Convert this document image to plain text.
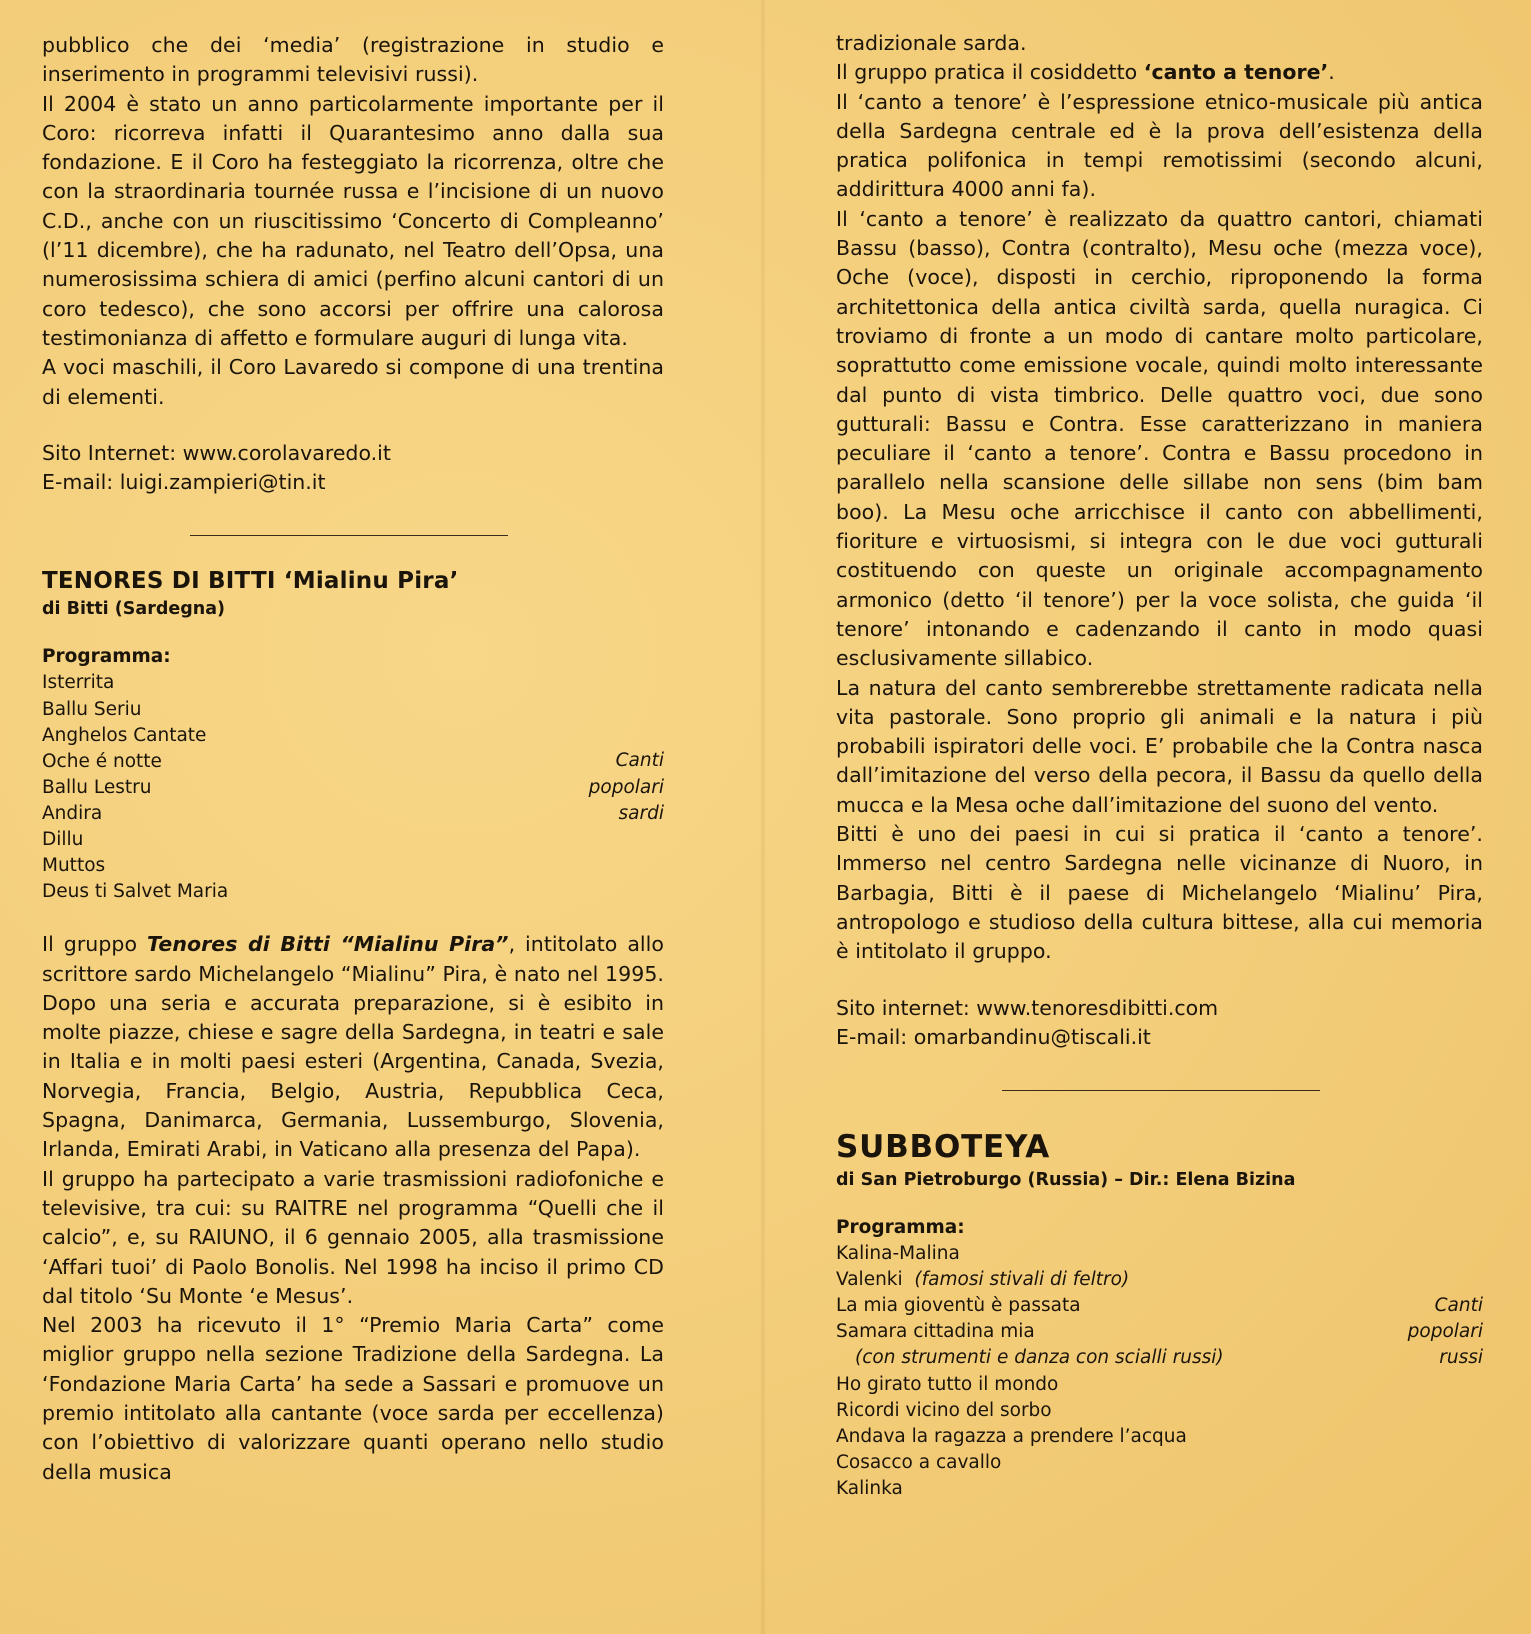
pubblico che dei ‘media’ (registrazione in studio e inserimento in programmi televisivi russi).

Il 2004 è stato un anno particolarmente importante per il Coro: ricorreva infatti il Quarantesimo anno dalla sua fondazione. E il Coro ha festeggiato la ricorrenza, oltre che con la straordinaria tournée russa e l’incisione di un nuovo C.D., anche con un riuscitissimo ‘Concerto di Compleanno’ (l’11 dicembre), che ha radunato, nel Teatro dell’Opsa, una numerosissima schiera di amici (perfino alcuni cantori di un coro tedesco), che sono accorsi per offrire una calorosa testimonianza di affetto e formulare auguri di lunga vita.

A voci maschili, il Coro Lavaredo si compone di una trentina di elementi.

Sito Internet: www.corolavaredo.it

E-mail: luigi.zampieri@tin.it

TENORES DI BITTI ‘Mialinu Pira’

di Bitti (Sardegna)

Programma:

Isterrita

Ballu Seriu

Anghelos Cantate

Oche é notte

Ballu Lestru

Andira

Dillu

Muttos

Deus ti Salvet Maria

Canti
popolari
sardi

Il gruppo Tenores di Bitti “Mialinu Pira”, intitolato allo scrittore sardo Michelangelo “Mialinu” Pira, è nato nel 1995. Dopo una seria e accurata preparazione, si è esibito in molte piazze, chiese e sagre della Sardegna, in teatri e sale in Italia e in molti paesi esteri (Argentina, Canada, Svezia, Norvegia, Francia, Belgio, Austria, Repubblica Ceca, Spagna, Danimarca, Germania, Lussemburgo, Slovenia, Irlanda, Emirati Arabi, in Vaticano alla presenza del Papa).

Il gruppo ha partecipato a varie trasmissioni radiofoniche e televisive, tra cui: su RAITRE nel programma “Quelli che il calcio”, e, su RAIUNO, il 6 gennaio 2005, alla trasmissione ‘Affari tuoi’ di Paolo Bonolis. Nel 1998 ha inciso il primo CD dal titolo ‘Su Monte ‘e Mesus’.

Nel 2003 ha ricevuto il 1° “Premio Maria Carta” come miglior gruppo nella sezione Tradizione della Sardegna. La ‘Fondazione Maria Carta’ ha sede a Sassari e promuove un premio intitolato alla cantante (voce sarda per eccellenza) con l’obiettivo di valorizzare quanti operano nello studio della musica

tradizionale sarda.

Il gruppo pratica il cosiddetto ‘canto a tenore’.

Il ‘canto a tenore’ è l’espressione etnico-musicale più antica della Sardegna centrale ed è la prova dell’esistenza della pratica polifonica in tempi remotissimi (secondo alcuni, addirittura 4000 anni fa).

Il ‘canto a tenore’ è realizzato da quattro cantori, chiamati Bassu (basso), Contra (contralto), Mesu oche (mezza voce), Oche (voce), disposti in cerchio, riproponendo la forma architettonica della antica civiltà sarda, quella nuragica. Ci troviamo di fronte a un modo di cantare molto particolare, soprattutto come emissione vocale, quindi molto interessante dal punto di vista timbrico. Delle quattro voci, due sono gutturali: Bassu e Contra. Esse caratterizzano in maniera peculiare il ‘canto a tenore’. Contra e Bassu procedono in parallelo nella scansione delle sillabe non sens (bim bam boo). La Mesu oche arricchisce il canto con abbellimenti, fioriture e virtuosismi, si integra con le due voci gutturali costituendo con queste un originale accompagnamento armonico (detto ‘il tenore’) per la voce solista, che guida ‘il tenore’ intonando e cadenzando il canto in modo quasi esclusivamente sillabico.

La natura del canto sembrerebbe strettamente radicata nella vita pastorale. Sono proprio gli animali e la natura i più probabili ispiratori delle voci. E’ probabile che la Contra nasca dall’imitazione del verso della pecora, il Bassu da quello della mucca e la Mesa oche dall’imitazione del suono del vento.

Bitti è uno dei paesi in cui si pratica il ‘canto a tenore’. Immerso nel centro Sardegna nelle vicinanze di Nuoro, in Barbagia, Bitti è il paese di Michelangelo ‘Mialinu’ Pira, antropologo e studioso della cultura bittese, alla cui memoria è intitolato il gruppo.

Sito internet: www.tenoresdibitti.com

E-mail: omarbandinu@tiscali.it

SUBBOTEYA

di San Pietroburgo (Russia) – Dir.: Elena Bizina

Programma:

Kalina-Malina

Valenki (famosi stivali di feltro)

La mia gioventù è passata

Samara cittadina mia

(con strumenti e danza con scialli russi)

Ho girato tutto il mondo

Ricordi vicino del sorbo

Andava la ragazza a prendere l’acqua

Cosacco a cavallo

Kalinka

Canti
popolari
russi
